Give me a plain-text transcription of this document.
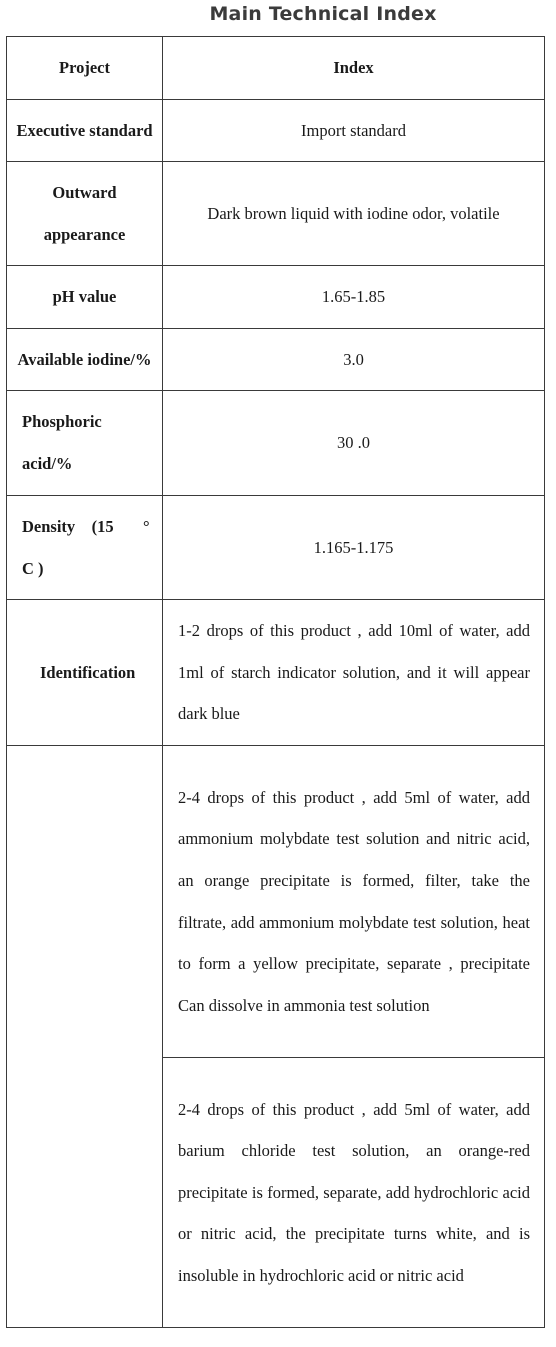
Main Technical Index
Project	Index
Executive standard	Import standard

Outward
appearance	Dark brown liquid with iodine odor, volatile
pH value	1.65-1.85
Available iodine/%	3.0

Phosphoric
acid/%	30 .0

Density    (15 °
C )	1.165-1.175
Identification	1-2 drops of this product , add 10ml of water, add 1ml of starch indicator solution, and it will appear dark blue
	2-4 drops of this product , add 5ml of water, add ammonium molybdate test solution and nitric acid, an orange precipitate is formed, filter, take the filtrate, add ammonium molybdate test solution, heat to form a yellow precipitate, separate , precipitate Can dissolve in ammonia test solution
	2-4 drops of this product , add 5ml of water, add barium chloride test solution, an orange-red precipitate is formed, separate, add hydrochloric acid or nitric acid, the precipitate turns white, and is insoluble in hydrochloric acid or nitric acid
